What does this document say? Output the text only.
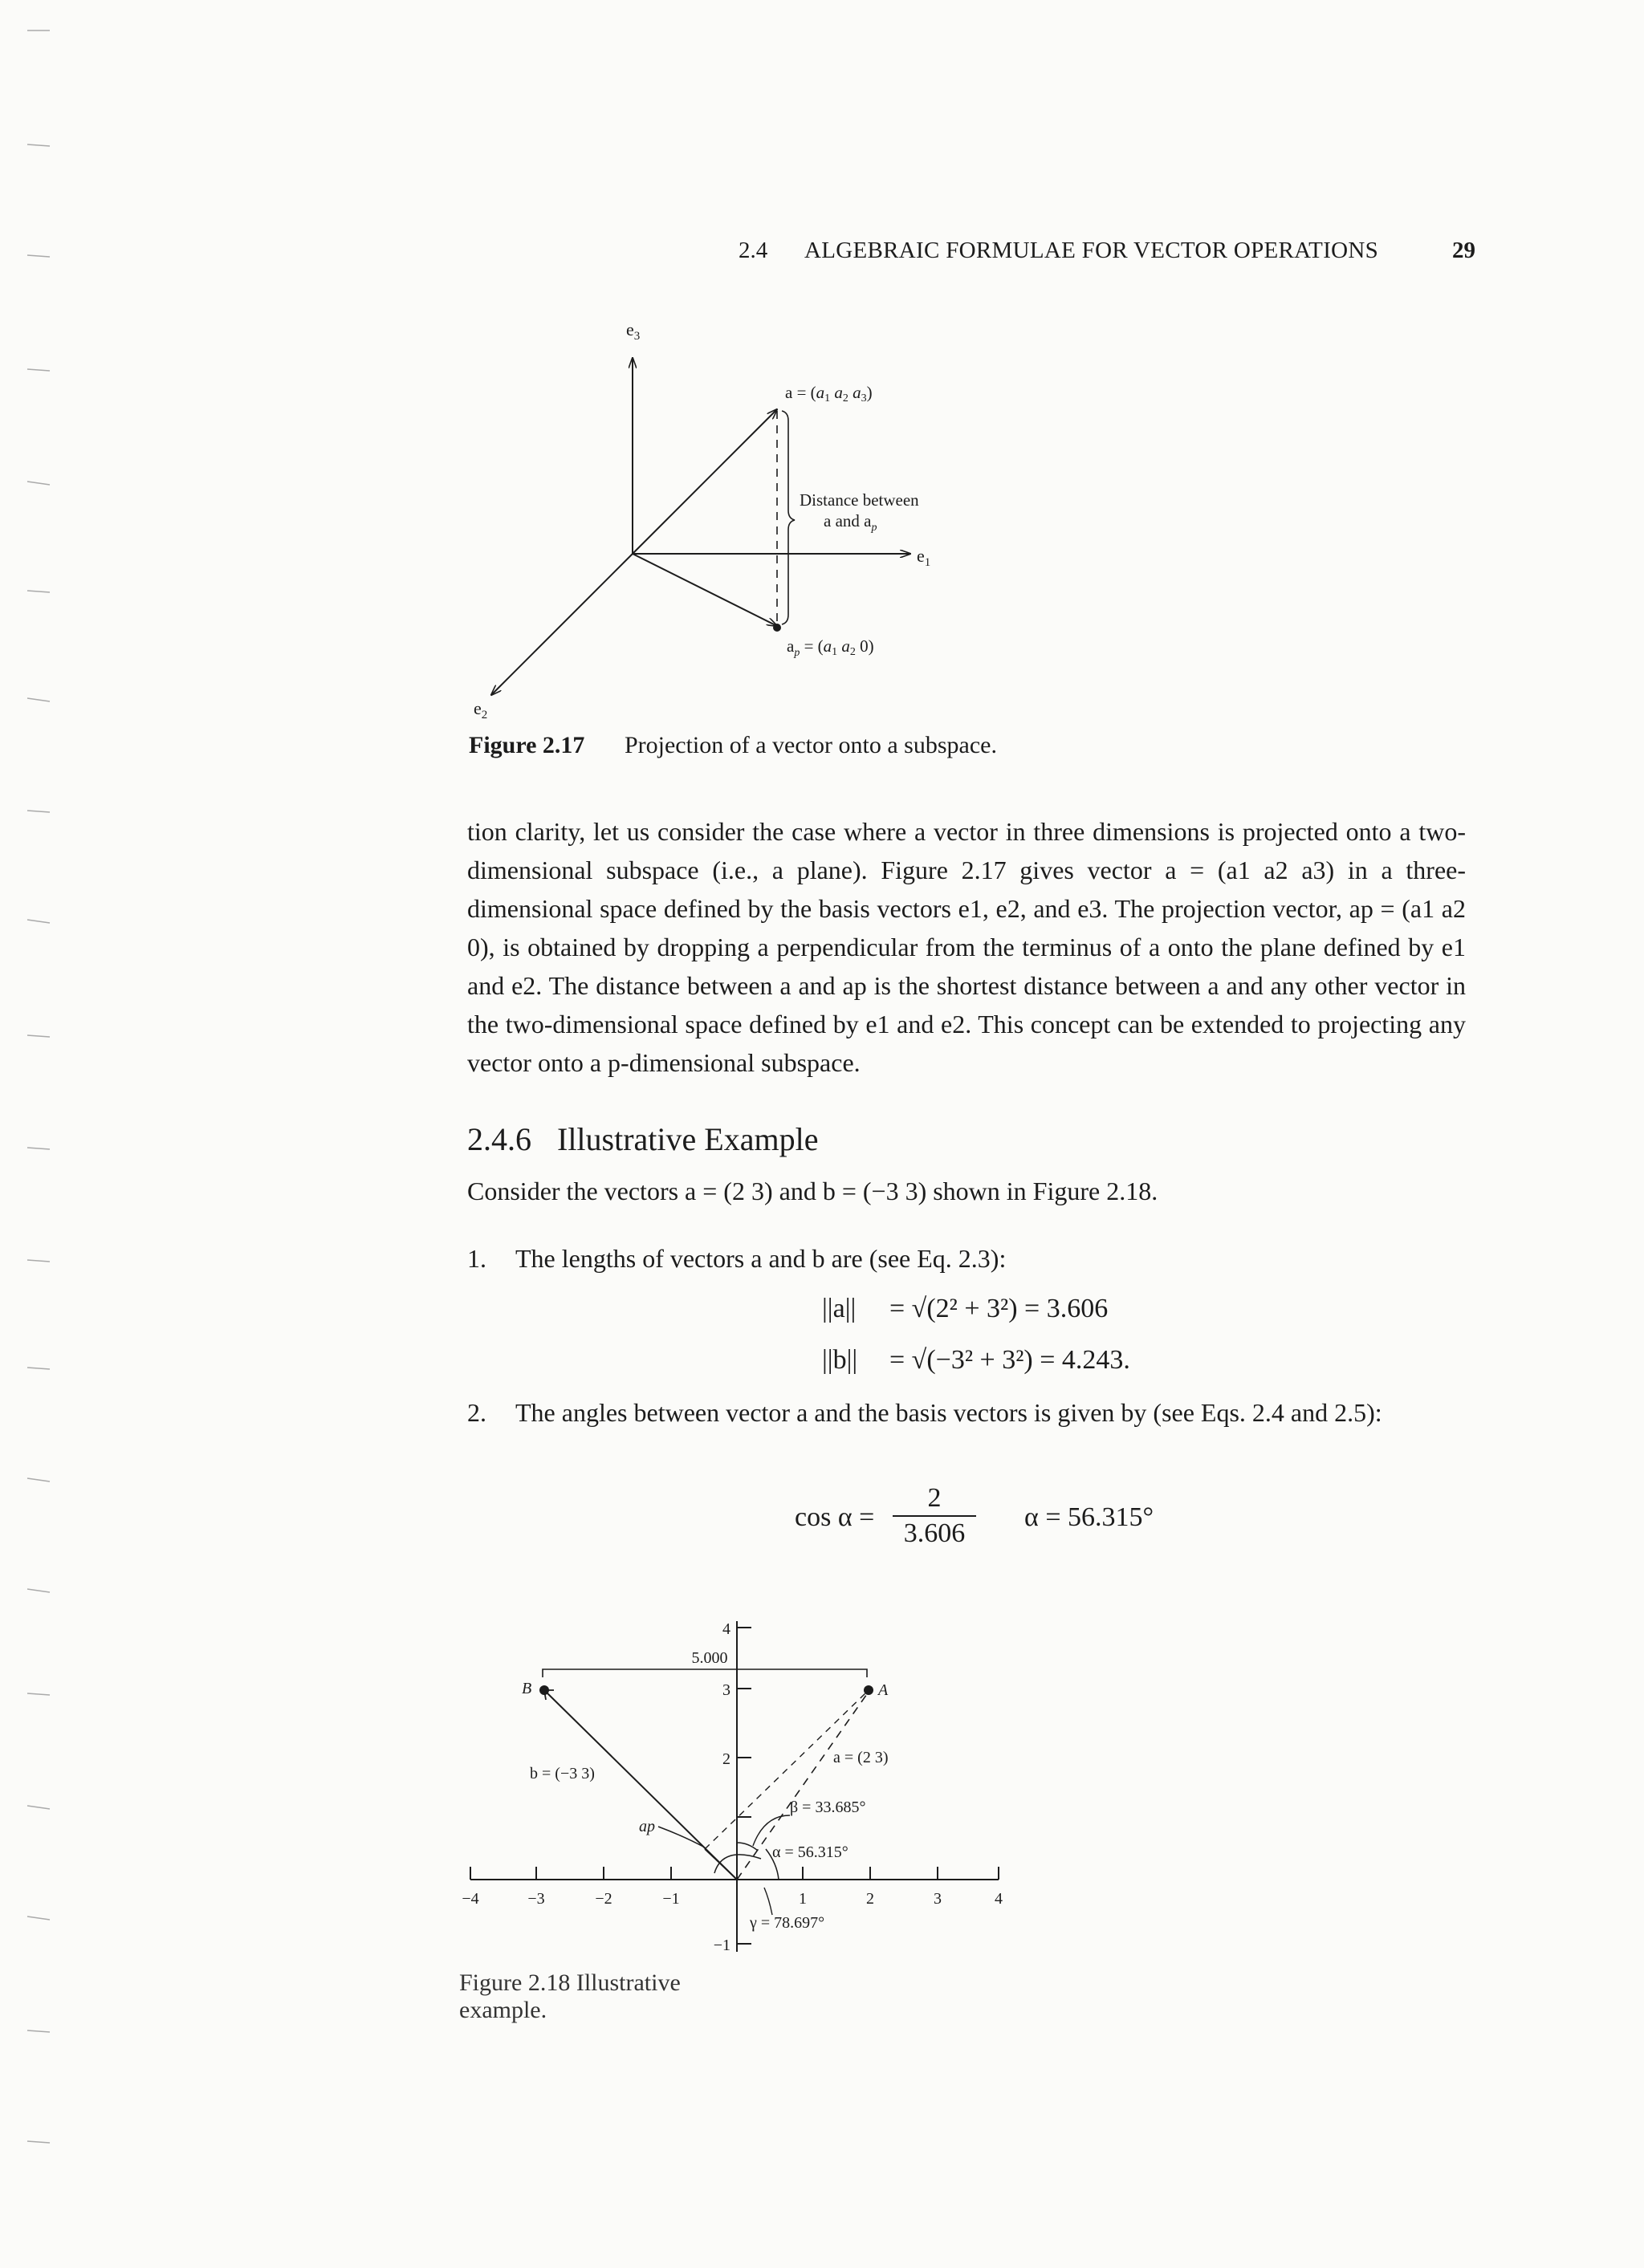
2.4 ALGEBRAIC FORMULAE FOR VECTOR OPERATIONS	29
$e_3$
$e_1$
$e_2$
a = (a1 a2 a3)
Distance between
a and $a_p$
$a_p = (a1$ a2 0)
Figure 2.17 Projection of a vector onto a subspace.

tion clarity, let us consider the case where a vector in three dimensions is projected onto a two-dimensional subspace (i.e., a plane). Figure 2.17 gives vector a = (a1 a2 a3) in a three-dimensional space defined by the basis vectors e1, e2, and e3. The projection vector, ap = (a1 a2 0), is obtained by dropping a perpendicular from the terminus of a onto the plane defined by e1 and e2. The distance between a and ap is the shortest distance between a and any other vector in the two-dimensional space defined by e1 and e2. This concept can be extended to projecting any vector onto a p-dimensional subspace.

2.4.6 Illustrative Example
Consider the vectors a = (2 3) and b = (−3 3) shown in Figure 2.18.
1. The lengths of vectors a and b are (see Eq. 2.3):
||a|| = √(2² + 3²) = 3.606
||b|| = √(−3² + 3²) = 4.243.
2. The angles between vector a and the basis vectors is given by (see Eqs. 2.4 and 2.5):
cos α =
2
3.606
α = 56.315°
−4	−3	−2	−1	1	2	3	4
4
3
2
−1
5.000
B	A
a = (2 3)
b = (−3 3)
ap
β = 33.685°
α = 56.315°
γ = 78.697°
Figure 2.18 Illustrative example.
